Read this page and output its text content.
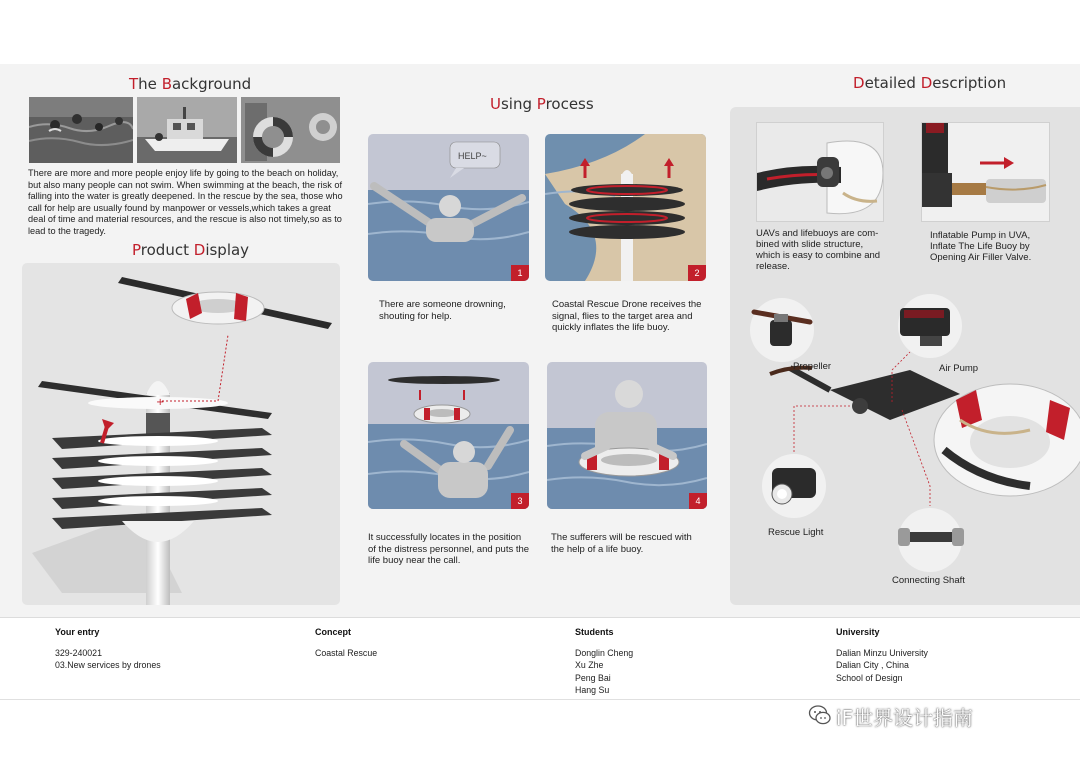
The Background
There are more and more people enjoy life by going to the beach on holiday, but also many people can not swim. When swimming at the beach, the risk of falling into the water is greatly deepened. In the rescue by the sea, those who call for help are usually found by manpower or vessels,which takes a great deal of time and material resources, and the rescue is also not timely,so as to lead to the tragedy.
Product Display
+
Using Process
HELP~
1
There are someone drowning, shouting for help.
2
Coastal Rescue Drone receives the signal, flies to the target area and quickly inflates the life buoy.
3
It successfully locates in the position of the distress personnel, and puts the life buoy near the call.
4
The sufferers will be rescued with the help of a life buoy.
Detailed Description
UAVs and lifebuoys are com-bined with slide structure, which is easy to combine and release.
Inflatable Pump in UVA, Inflate The Life Buoy by Opening Air Filler Valve.
Propeller	Air Pump
Rescue Light
Connecting Shaft
Your entry
329-240021
03.New services by drones
Concept
Coastal Rescue
Students
Donglin Cheng
Xu Zhe
Peng Bai
Hang Su
University
Dalian Minzu University
Dalian City , China
School of Design
iF世界设计指南
